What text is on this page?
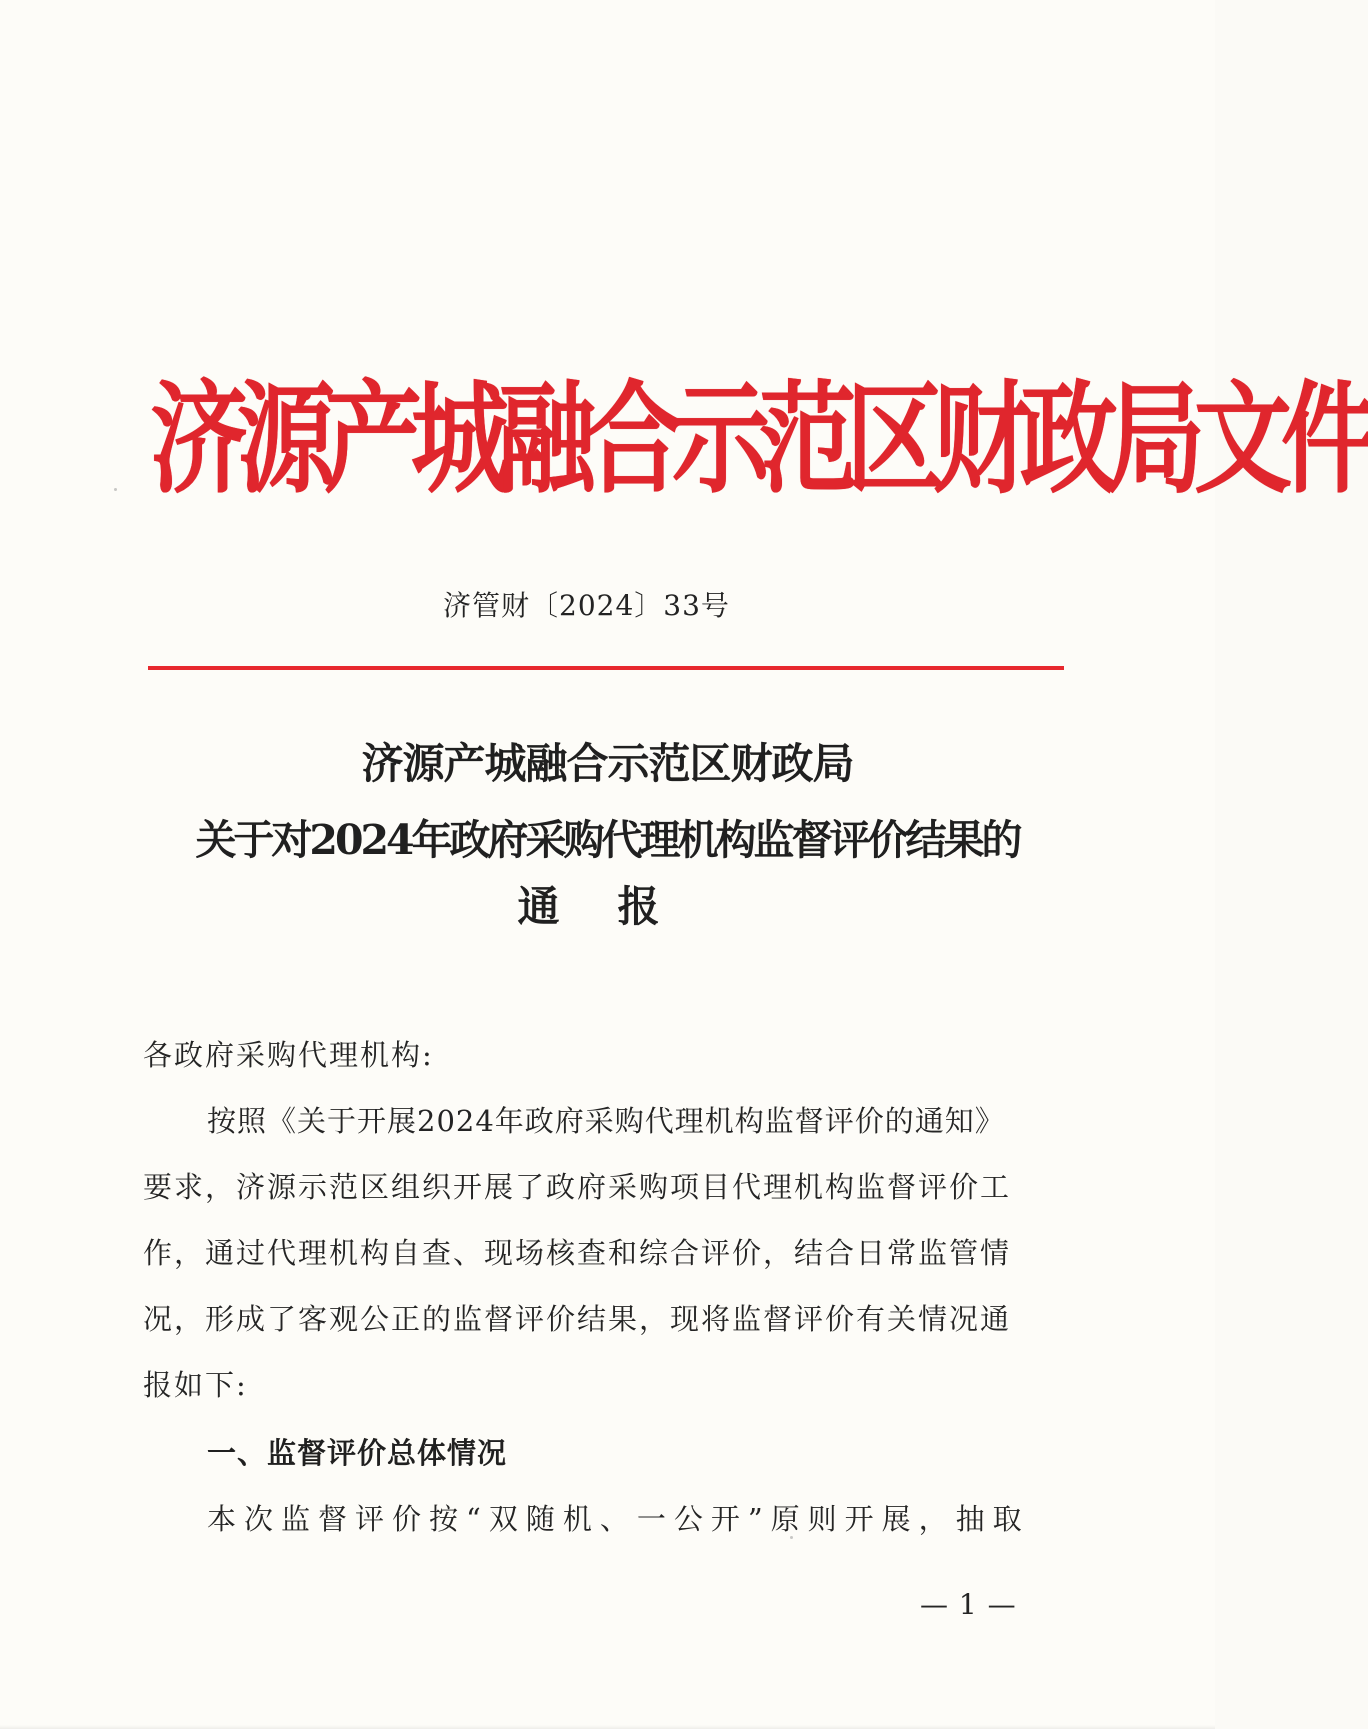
济源产城融合示范区财政局文件
济管财〔2024〕33号
济源产城融合示范区财政局
关于对2024年政府采购代理机构监督评价结果的
通报
各政府采购代理机构:
按照《关于开展2024年政府采购代理机构监督评价的通知》
要求，济源示范区组织开展了政府采购项目代理机构监督评价工
作，通过代理机构自查、现场核查和综合评价，结合日常监管情
况，形成了客观公正的监督评价结果，现将监督评价有关情况通
报如下:
一、监督评价总体情况
本次监督评价按“双随机、一公开”原则开展，抽取
— 1 —
